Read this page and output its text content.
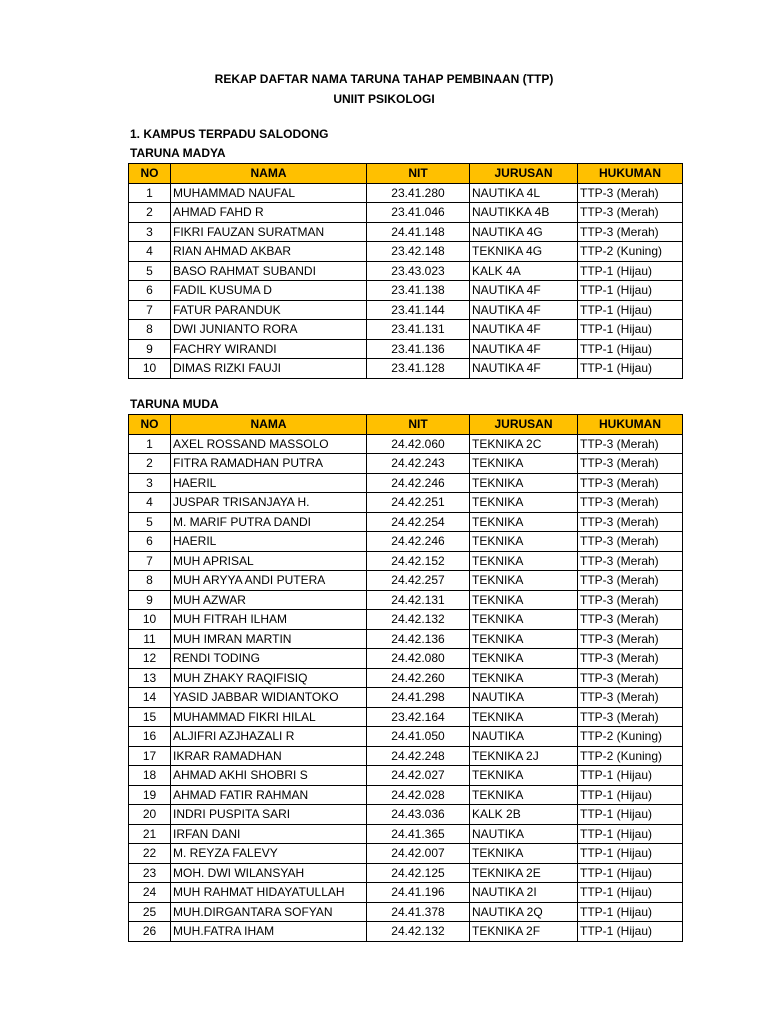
REKAP DAFTAR NAMA TARUNA TAHAP PEMBINAAN (TTP)
UNIIT PSIKOLOGI
1. KAMPUS TERPADU SALODONG
TARUNA MADYA
NO	NAMA	NIT	JURUSAN	HUKUMAN
1	MUHAMMAD NAUFAL	23.41.280	NAUTIKA 4L	TTP-3 (Merah)
2	AHMAD FAHD R	23.41.046	NAUTIKKA 4B	TTP-3 (Merah)
3	FIKRI FAUZAN SURATMAN	24.41.148	NAUTIKA 4G	TTP-3 (Merah)
4	RIAN AHMAD AKBAR	23.42.148	TEKNIKA 4G	TTP-2 (Kuning)
5	BASO RAHMAT SUBANDI	23.43.023	KALK 4A	TTP-1 (Hijau)
6	FADIL KUSUMA D	23.41.138	NAUTIKA 4F	TTP-1 (Hijau)
7	FATUR PARANDUK	23.41.144	NAUTIKA 4F	TTP-1 (Hijau)
8	DWI JUNIANTO RORA	23.41.131	NAUTIKA 4F	TTP-1 (Hijau)
9	FACHRY WIRANDI	23.41.136	NAUTIKA 4F	TTP-1 (Hijau)
10	DIMAS RIZKI FAUJI	23.41.128	NAUTIKA 4F	TTP-1 (Hijau)
TARUNA MUDA
NO	NAMA	NIT	JURUSAN	HUKUMAN
1	AXEL ROSSAND MASSOLO	24.42.060	TEKNIKA 2C	TTP-3 (Merah)
2	FITRA RAMADHAN PUTRA	24.42.243	TEKNIKA	TTP-3 (Merah)
3	HAERIL	24.42.246	TEKNIKA	TTP-3 (Merah)
4	JUSPAR TRISANJAYA H.	24.42.251	TEKNIKA	TTP-3 (Merah)
5	M. MARIF PUTRA DANDI	24.42.254	TEKNIKA	TTP-3 (Merah)
6	HAERIL	24.42.246	TEKNIKA	TTP-3 (Merah)
7	MUH APRISAL	24.42.152	TEKNIKA	TTP-3 (Merah)
8	MUH ARYYA ANDI PUTERA	24.42.257	TEKNIKA	TTP-3 (Merah)
9	MUH AZWAR	24.42.131	TEKNIKA	TTP-3 (Merah)
10	MUH FITRAH ILHAM	24.42.132	TEKNIKA	TTP-3 (Merah)
11	MUH IMRAN MARTIN	24.42.136	TEKNIKA	TTP-3 (Merah)
12	RENDI TODING	24.42.080	TEKNIKA	TTP-3 (Merah)
13	MUH ZHAKY RAQIFISIQ	24.42.260	TEKNIKA	TTP-3 (Merah)
14	YASID JABBAR WIDIANTOKO	24.41.298	NAUTIKA	TTP-3 (Merah)
15	MUHAMMAD FIKRI HILAL	23.42.164	TEKNIKA	TTP-3 (Merah)
16	ALJIFRI AZJHAZALI R	24.41.050	NAUTIKA	TTP-2 (Kuning)
17	IKRAR RAMADHAN	24.42.248	TEKNIKA 2J	TTP-2 (Kuning)
18	AHMAD AKHI SHOBRI S	24.42.027	TEKNIKA	TTP-1 (Hijau)
19	AHMAD FATIR RAHMAN	24.42.028	TEKNIKA	TTP-1 (Hijau)
20	INDRI PUSPITA SARI	24.43.036	KALK 2B	TTP-1 (Hijau)
21	IRFAN DANI	24.41.365	NAUTIKA	TTP-1 (Hijau)
22	M. REYZA FALEVY	24.42.007	TEKNIKA	TTP-1 (Hijau)
23	MOH. DWI WILANSYAH	24.42.125	TEKNIKA 2E	TTP-1 (Hijau)
24	MUH RAHMAT HIDAYATULLAH	24.41.196	NAUTIKA 2I	TTP-1 (Hijau)
25	MUH.DIRGANTARA SOFYAN	24.41.378	NAUTIKA 2Q	TTP-1 (Hijau)
26	MUH.FATRA IHAM	24.42.132	TEKNIKA 2F	TTP-1 (Hijau)
